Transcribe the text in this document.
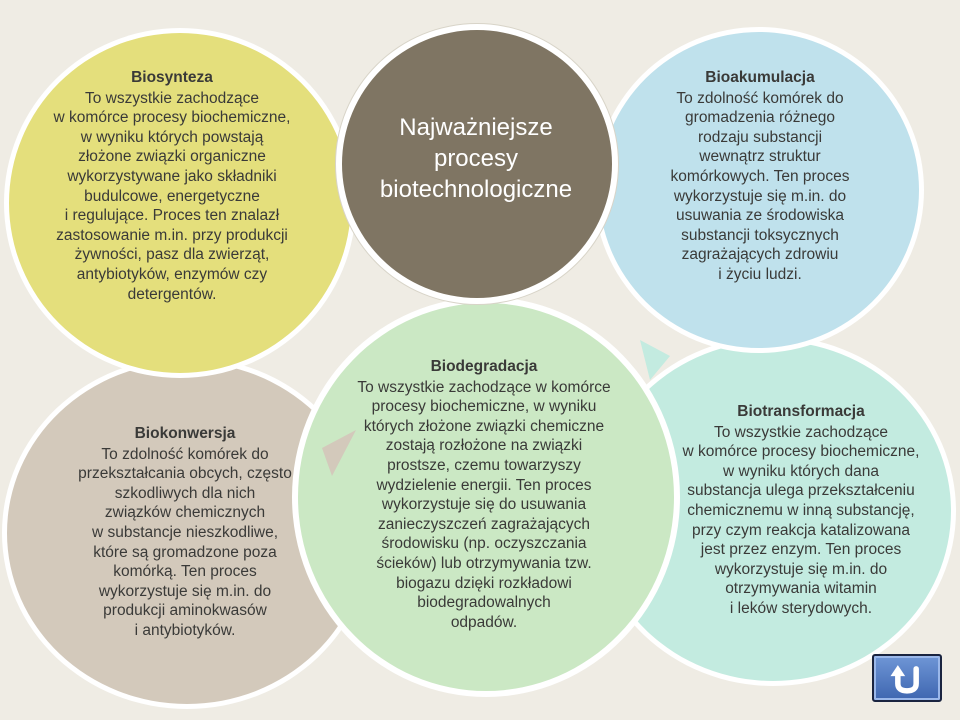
Najważniejsze
procesy
biotechnologiczne
Biosynteza
To wszystkie zachodzące
w komórce procesy biochemiczne,
w wyniku których powstają
złożone związki organiczne
wykorzystywane jako składniki
budulcowe, energetyczne
i regulujące. Proces ten znalazł
zastosowanie m.in. przy produkcji
żywności, pasz dla zwierząt,
antybiotyków, enzymów czy
detergentów.
Bioakumulacja
To zdolność komórek do
gromadzenia różnego
rodzaju substancji
wewnątrz struktur
komórkowych. Ten proces
wykorzystuje się m.in. do
usuwania ze środowiska
substancji toksycznych
zagrażających zdrowiu
i życiu ludzi.
Biodegradacja
To wszystkie zachodzące w komórce
procesy biochemiczne, w wyniku
których złożone związki chemiczne
zostają rozłożone na związki
prostsze, czemu towarzyszy
wydzielenie energii. Ten proces
wykorzystuje się do usuwania
zanieczyszczeń zagrażających
środowisku (np. oczyszczania
ścieków) lub otrzymywania tzw.
biogazu dzięki rozkładowi
biodegradowalnych
odpadów.
Biokonwersja
To zdolność komórek do
przekształcania obcych, często
szkodliwych dla nich
związków chemicznych
w substancje nieszkodliwe,
które są gromadzone poza
komórką. Ten proces
wykorzystuje się m.in. do
produkcji aminokwasów
i antybiotyków.
Biotransformacja
To wszystkie zachodzące
w komórce procesy biochemiczne,
w wyniku których dana
substancja ulega przekształceniu
chemicznemu w inną substancję,
przy czym reakcja katalizowana
jest przez enzym. Ten proces
wykorzystuje się m.in. do
otrzymywania witamin
i leków sterydowych.
